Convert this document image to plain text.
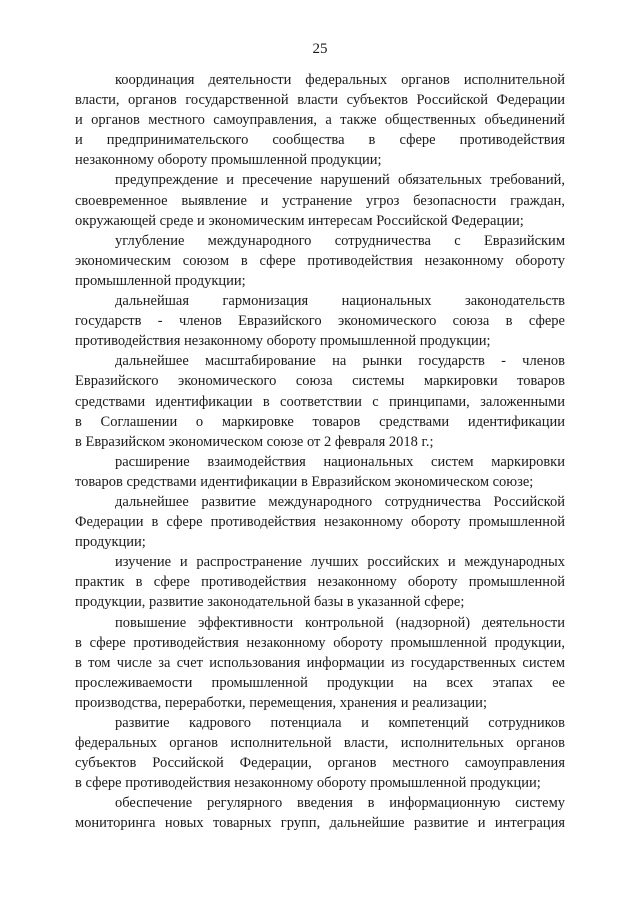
25
координация деятельности федеральных органов исполнительной
власти, органов государственной власти субъектов Российской Федерации
и органов местного самоуправления, а также общественных объединений
и предпринимательского сообщества в сфере противодействия
незаконному обороту промышленной продукции;
предупреждение и пресечение нарушений обязательных требований,
своевременное выявление и устранение угроз безопасности граждан,
окружающей среде и экономическим интересам Российской Федерации;
углубление международного сотрудничества с Евразийским
экономическим союзом в сфере противодействия незаконному обороту
промышленной продукции;
дальнейшая гармонизация национальных законодательств
государств - членов Евразийского экономического союза в сфере
противодействия незаконному обороту промышленной продукции;
дальнейшее масштабирование на рынки государств - членов
Евразийского экономического союза системы маркировки товаров
средствами идентификации в соответствии с принципами, заложенными
в Соглашении о маркировке товаров средствами идентификации
в Евразийском экономическом союзе от 2 февраля 2018 г.;
расширение взаимодействия национальных систем маркировки
товаров средствами идентификации в Евразийском экономическом союзе;
дальнейшее развитие международного сотрудничества Российской
Федерации в сфере противодействия незаконному обороту промышленной
продукции;
изучение и распространение лучших российских и международных
практик в сфере противодействия незаконному обороту промышленной
продукции, развитие законодательной базы в указанной сфере;
повышение эффективности контрольной (надзорной) деятельности
в сфере противодействия незаконному обороту промышленной продукции,
в том числе за счет использования информации из государственных систем
прослеживаемости промышленной продукции на всех этапах ее
производства, переработки, перемещения, хранения и реализации;
развитие кадрового потенциала и компетенций сотрудников
федеральных органов исполнительной власти, исполнительных органов
субъектов Российской Федерации, органов местного самоуправления
в сфере противодействия незаконному обороту промышленной продукции;
обеспечение регулярного введения в информационную систему
мониторинга новых товарных групп, дальнейшие развитие и интеграция
